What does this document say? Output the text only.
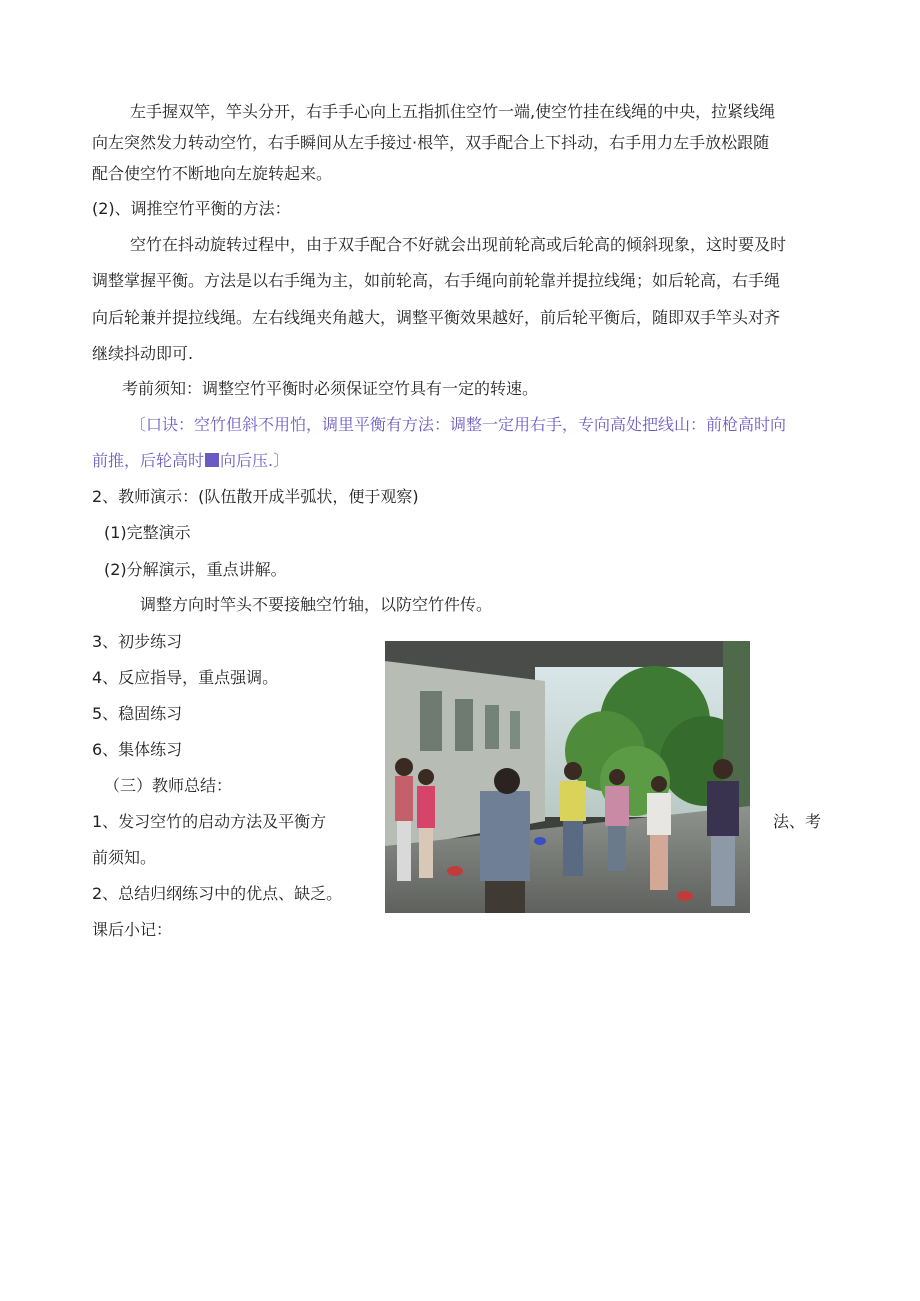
左手握双竿，竿头分开，右手手心向上五指抓住空竹一端,使空竹挂在线绳的中央，拉紧线绳
向左突然发力转动空竹，右手瞬间从左手接过·根竿，双手配合上下抖动，右手用力左手放松跟随
配合使空竹不断地向左旋转起来。
(2)、调推空竹平衡的方法：
空竹在抖动旋转过程中，由于双手配合不好就会出现前轮高或后轮高的倾斜现象，这时要及时
调整掌握平衡。方法是以右手绳为主，如前轮高，右手绳向前轮靠并提拉线绳；如后轮高，右手绳
向后轮兼并提拉线绳。左右线绳夹角越大，调整平衡效果越好，前后轮平衡后，随即双手竿头对齐
继续抖动即可.
考前须知：调整空竹平衡时必须保证空竹具有一定的转速。
〔口诀：空竹但斜不用怕，调里平衡有方法：调整一定用右手，专向高处把线山：前枪高时向
前推，后轮高时 向后压.〕
2、教师演示：(队伍散开成半弧状，便于观察)
(1)完整演示
(2)分解演示，重点讲解。
调整方向时竿头不要接触空竹轴，以防空竹件传。
3、初步练习
4、反应指导，重点强调。
5、稳固练习
6、集体练习
（三）教师总结：
1、发习空竹的启动方法及平衡方	法、考
前须知。
2、总结归纲练习中的优点、缺乏。
课后小记：
